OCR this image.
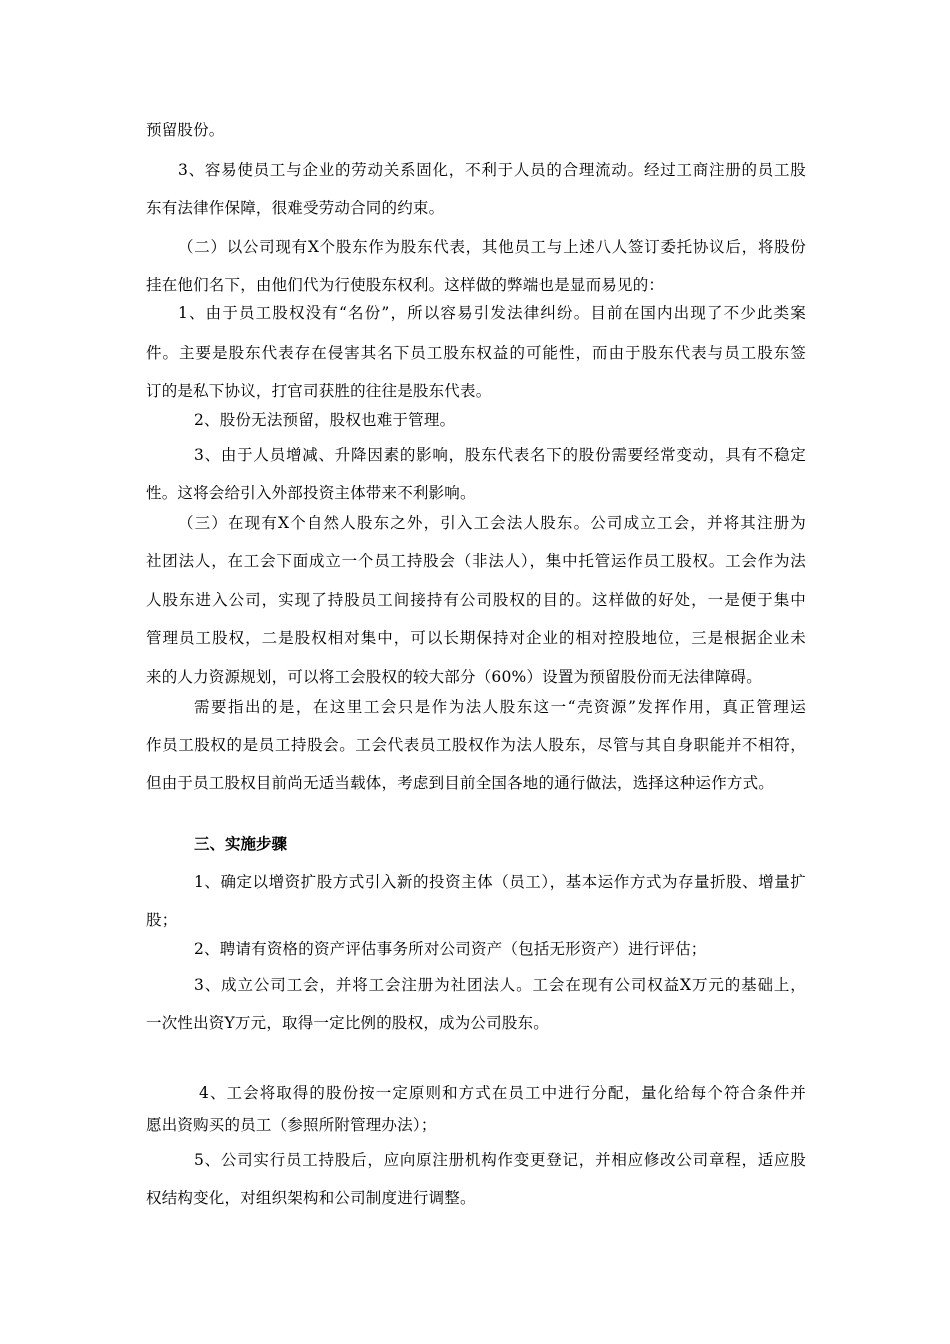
预留股份。
3、容易使员工与企业的劳动关系固化，不利于人员的合理流动。经过工商注册的员工股
东有法律作保障，很难受劳动合同的约束。
（二）以公司现有X个股东作为股东代表，其他员工与上述八人签订委托协议后，将股份
挂在他们名下，由他们代为行使股东权利。这样做的弊端也是显而易见的：
1、由于员工股权没有“名份”，所以容易引发法律纠纷。目前在国内出现了不少此类案
件。主要是股东代表存在侵害其名下员工股东权益的可能性，而由于股东代表与员工股东签
订的是私下协议，打官司获胜的往往是股东代表。
2、股份无法预留，股权也难于管理。
3、由于人员增减、升降因素的影响，股东代表名下的股份需要经常变动，具有不稳定
性。这将会给引入外部投资主体带来不利影响。
（三）在现有X个自然人股东之外，引入工会法人股东。公司成立工会，并将其注册为
社团法人，在工会下面成立一个员工持股会（非法人），集中托管运作员工股权。工会作为法
人股东进入公司，实现了持股员工间接持有公司股权的目的。这样做的好处，一是便于集中
管理员工股权，二是股权相对集中，可以长期保持对企业的相对控股地位，三是根据企业未
来的人力资源规划，可以将工会股权的较大部分（60%）设置为预留股份而无法律障碍。
需要指出的是，在这里工会只是作为法人股东这一“壳资源”发挥作用，真正管理运
作员工股权的是员工持股会。工会代表员工股权作为法人股东，尽管与其自身职能并不相符，
但由于员工股权目前尚无适当载体，考虑到目前全国各地的通行做法，选择这种运作方式。
三、实施步骤
1、确定以增资扩股方式引入新的投资主体（员工），基本运作方式为存量折股、增量扩
股；
2、聘请有资格的资产评估事务所对公司资产（包括无形资产）进行评估；
3、成立公司工会，并将工会注册为社团法人。工会在现有公司权益X万元的基础上，
一次性出资Y万元，取得一定比例的股权，成为公司股东。
4、工会将取得的股份按一定原则和方式在员工中进行分配，量化给每个符合条件并
愿出资购买的员工（参照所附管理办法）；
5、公司实行员工持股后，应向原注册机构作变更登记，并相应修改公司章程，适应股
权结构变化，对组织架构和公司制度进行调整。
